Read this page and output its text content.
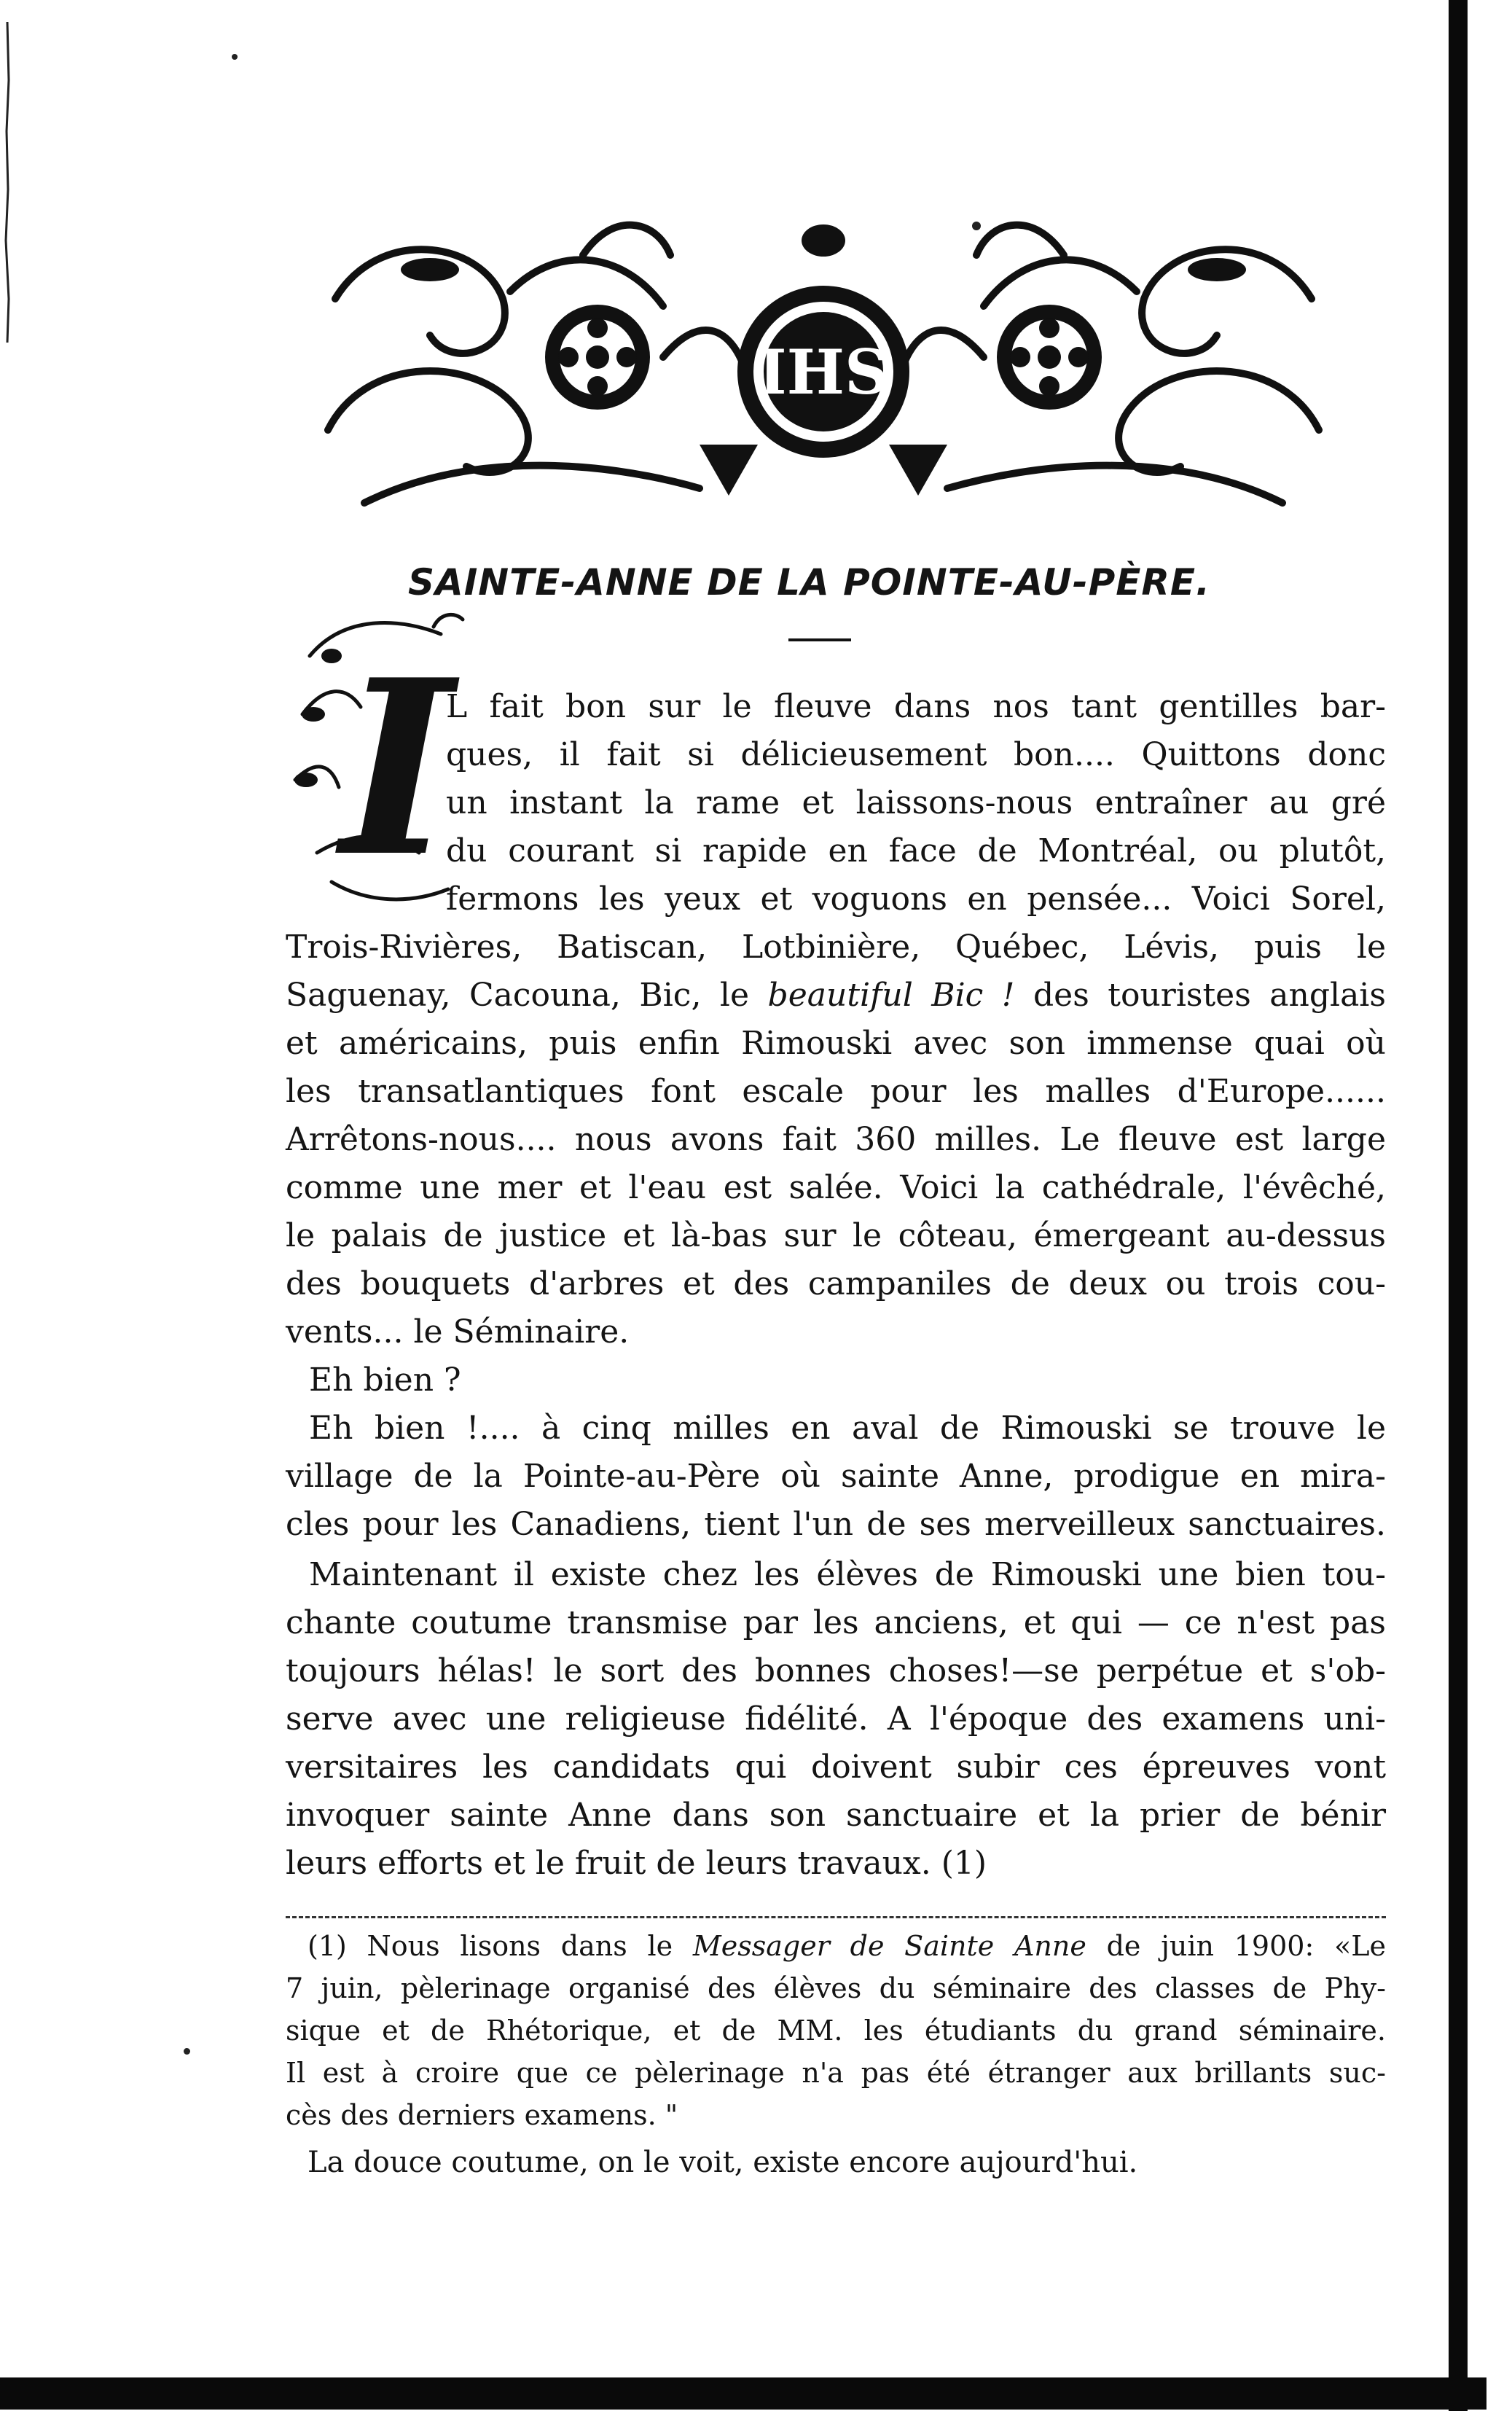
IHS
SAINTE-ANNE DE LA POINTE-AU-PÈRE.
I
L fait bon sur le fleuve dans nos tant gentilles bar-
ques, il fait si délicieusement bon.... Quittons donc
un instant la rame et laissons-nous entraîner au gré
du courant si rapide en face de Montréal, ou plutôt,
fermons les yeux et voguons en pensée... Voici Sorel,
Trois-Rivières, Batiscan, Lotbinière, Québec, Lévis, puis le
Saguenay, Cacouna, Bic, le beautiful Bic ! des touristes anglais
et américains, puis enfin Rimouski avec son immense quai où
les transatlantiques font escale pour les malles d'Europe......
Arrêtons-nous.... nous avons fait 360 milles. Le fleuve est large
comme une mer et l'eau est salée. Voici la cathédrale, l'évêché,
le palais de justice et là-bas sur le côteau, émergeant au-dessus
des bouquets d'arbres et des campaniles de deux ou trois cou-
vents... le Séminaire.
Eh bien ?
Eh bien !.... à cinq milles en aval de Rimouski se trouve le
village de la Pointe-au-Père où sainte Anne, prodigue en mira-
cles pour les Canadiens, tient l'un de ses merveilleux sanctuaires.
Maintenant il existe chez les élèves de Rimouski une bien tou-
chante coutume transmise par les anciens, et qui — ce n'est pas
toujours hélas! le sort des bonnes choses!—se perpétue et s'ob-
serve avec une religieuse fidélité. A l'époque des examens uni-
versitaires les candidats qui doivent subir ces épreuves vont
invoquer sainte Anne dans son sanctuaire et la prier de bénir
leurs efforts et le fruit de leurs travaux. (1)
(1) Nous lisons dans le Messager de Sainte Anne de juin 1900: «Le
7 juin, pèlerinage organisé des élèves du séminaire des classes de Phy-
sique et de Rhétorique, et de MM. les étudiants du grand séminaire.
Il est à croire que ce pèlerinage n'a pas été étranger aux brillants suc-
cès des derniers examens. "
La douce coutume, on le voit, existe encore aujourd'hui.
